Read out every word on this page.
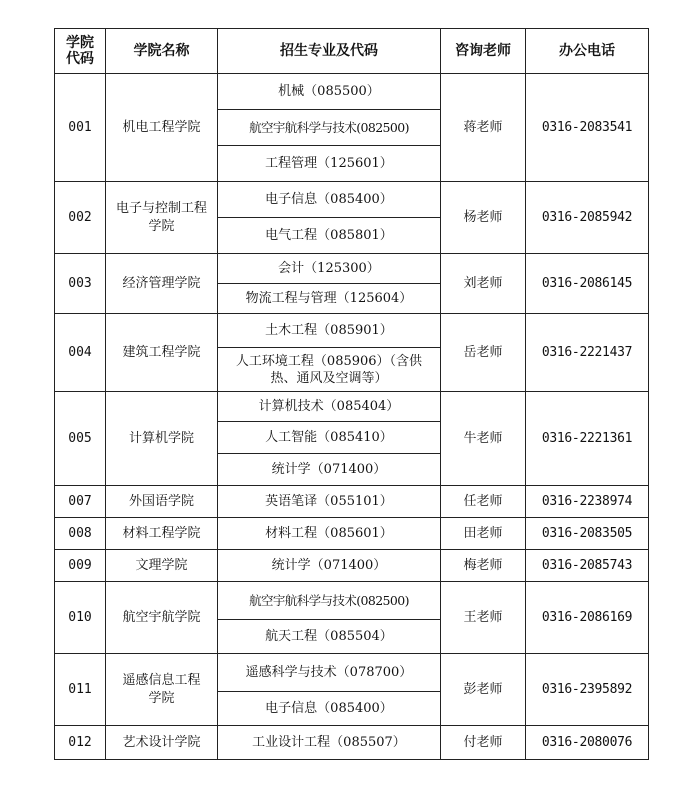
学院代码	学院名称	招生专业及代码	咨询老师	办公电话
001	机电工程学院	机械（085500）	蒋老师	0316-2083541
		航空宇航科学与技术(082500)		
		工程管理（125601）		
002	电子与控制工程学院	电子信息（085400）	杨老师	0316-2085942
		电气工程（085801）		
003	经济管理学院	会计（125300）	刘老师	0316-2086145
		物流工程与管理（125604）		
004	建筑工程学院	土木工程（085901）	岳老师	0316-2221437
		人工环境工程（085906）（含供热、通风及空调等）		
005	计算机学院	计算机技术（085404）	牛老师	0316-2221361
		人工智能（085410）		
		统计学（071400）		
007	外国语学院	英语笔译（055101）	任老师	0316-2238974
008	材料工程学院	材料工程（085601）	田老师	0316-2083505
009	文理学院	统计学（071400）	梅老师	0316-2085743
010	航空宇航学院	航空宇航科学与技术(082500)	王老师	0316-2086169
		航天工程（085504）		
011	遥感信息工程学院	遥感科学与技术（078700）	彭老师	0316-2395892
		电子信息（085400）		
012	艺术设计学院	工业设计工程（085507）	付老师	0316-2080076
